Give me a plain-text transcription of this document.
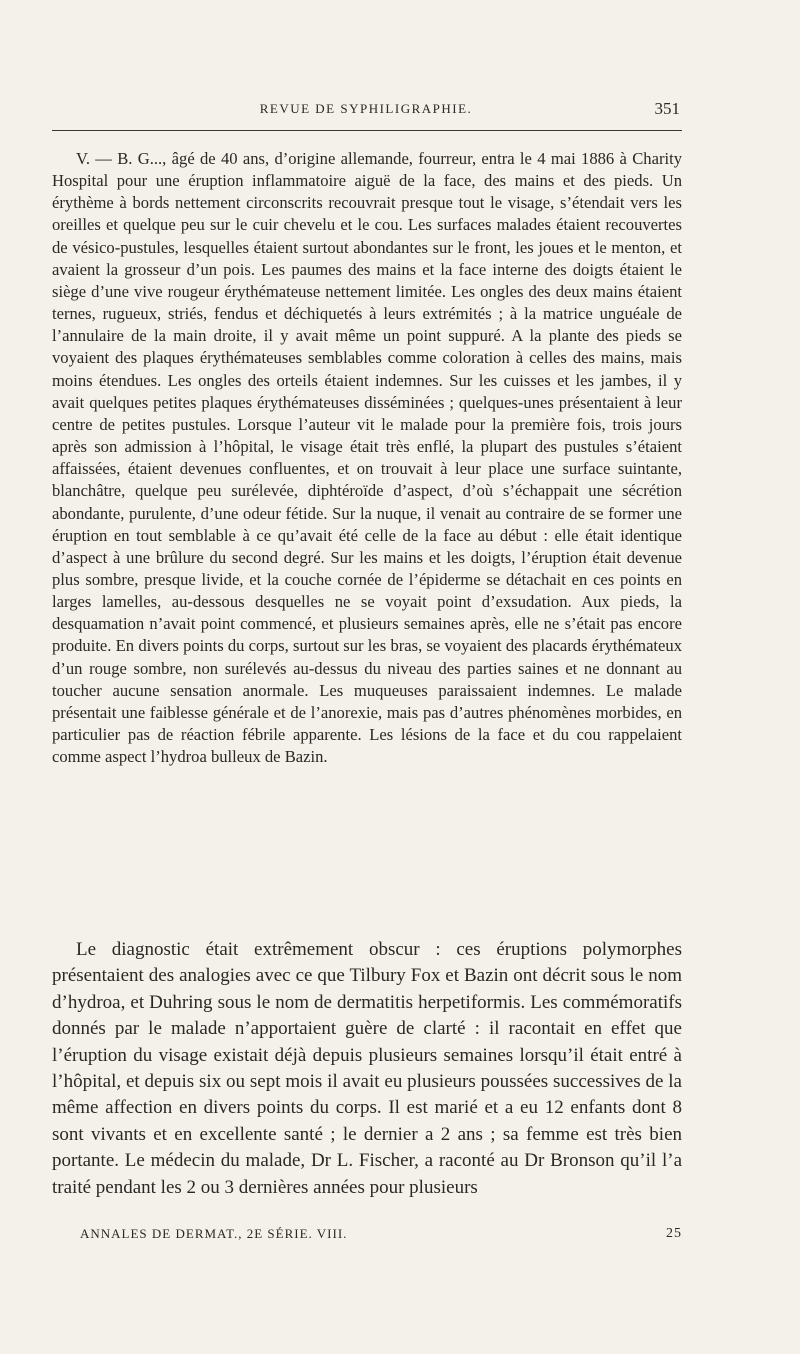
REVUE DE SYPHILIGRAPHIE.	351

V. — B. G..., âgé de 40 ans, d’origine allemande, fourreur, entra le 4 mai 1886 à Charity Hospital pour une éruption inflammatoire aiguë de la face, des mains et des pieds. Un érythème à bords nettement circonscrits recouvrait presque tout le visage, s’étendait vers les oreilles et quelque peu sur le cuir chevelu et le cou. Les surfaces malades étaient recouvertes de vésico-pustules, lesquelles étaient surtout abondantes sur le front, les joues et le menton, et avaient la grosseur d’un pois. Les paumes des mains et la face interne des doigts étaient le siège d’une vive rougeur érythémateuse nettement limitée. Les ongles des deux mains étaient ternes, rugueux, striés, fendus et déchiquetés à leurs extrémités ; à la matrice unguéale de l’annulaire de la main droite, il y avait même un point suppuré. A la plante des pieds se voyaient des plaques érythémateuses semblables comme coloration à celles des mains, mais moins étendues. Les ongles des orteils étaient indemnes. Sur les cuisses et les jambes, il y avait quelques petites plaques érythémateuses disséminées ; quelques-unes présentaient à leur centre de petites pustules. Lorsque l’auteur vit le malade pour la première fois, trois jours après son admission à l’hôpital, le visage était très enflé, la plupart des pustules s’étaient affaissées, étaient devenues confluentes, et on trouvait à leur place une surface suintante, blanchâtre, quelque peu surélevée, diphtéroïde d’aspect, d’où s’échappait une sécrétion abondante, purulente, d’une odeur fétide. Sur la nuque, il venait au contraire de se former une éruption en tout semblable à ce qu’avait été celle de la face au début : elle était identique d’aspect à une brûlure du second degré. Sur les mains et les doigts, l’éruption était devenue plus sombre, presque livide, et la couche cornée de l’épiderme se détachait en ces points en larges lamelles, au-dessous desquelles ne se voyait point d’exsudation. Aux pieds, la desquamation n’avait point commencé, et plusieurs semaines après, elle ne s’était pas encore produite. En divers points du corps, surtout sur les bras, se voyaient des placards érythémateux d’un rouge sombre, non surélevés au-dessus du niveau des parties saines et ne donnant au toucher aucune sensation anormale. Les muqueuses paraissaient indemnes. Le malade présentait une faiblesse générale et de l’anorexie, mais pas d’autres phénomènes morbides, en particulier pas de réaction fébrile apparente. Les lésions de la face et du cou rappelaient comme aspect l’hydroa bulleux de Bazin.

Le diagnostic était extrêmement obscur : ces éruptions polymorphes présentaient des analogies avec ce que Tilbury Fox et Bazin ont décrit sous le nom d’hydroa, et Duhring sous le nom de dermatitis herpetiformis. Les commémoratifs donnés par le malade n’apportaient guère de clarté : il racontait en effet que l’éruption du visage existait déjà depuis plusieurs semaines lorsqu’il était entré à l’hôpital, et depuis six ou sept mois il avait eu plusieurs poussées successives de la même affection en divers points du corps. Il est marié et a eu 12 enfants dont 8 sont vivants et en excellente santé ; le dernier a 2 ans ; sa femme est très bien portante. Le médecin du malade, Dr L. Fischer, a raconté au Dr Bronson qu’il l’a traité pendant les 2 ou 3 dernières années pour plusieurs

ANNALES DE DERMAT., 2E SÉRIE. VIII.	25
